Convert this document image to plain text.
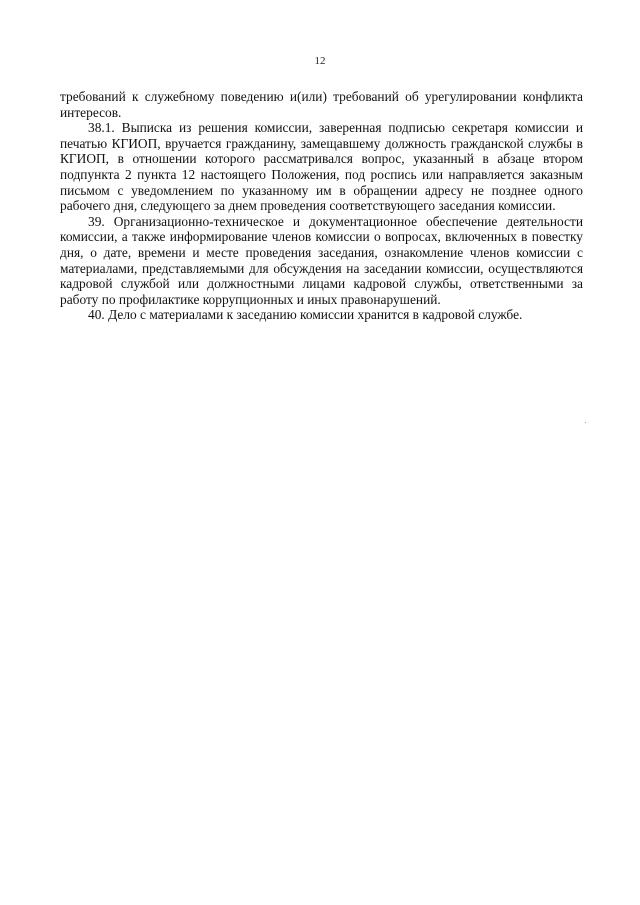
12

требований к служебному поведению и(или) требований об урегулировании конфликта интересов.

38.1. Выписка из решения комиссии, заверенная подписью секретаря комиссии и печатью КГИОП, вручается гражданину, замещавшему должность гражданской службы в КГИОП, в отношении которого рассматривался вопрос, указанный в абзаце втором подпункта 2 пункта 12 настоящего Положения, под роспись или направляется заказным письмом с уведомлением по указанному им в обращении адресу не позднее одного рабочего дня, следующего за днем проведения соответствующего заседания комиссии.

39. Организационно-техническое и документационное обеспечение деятельности комиссии, а также информирование членов комиссии о вопросах, включенных в повестку дня, о дате, времени и месте проведения заседания, ознакомление членов комиссии с материалами, представляемыми для обсуждения на заседании комиссии, осуществляются кадровой службой или должностными лицами кадровой службы, ответственными за работу по профилактике коррупционных и иных правонарушений.

40. Дело с материалами к заседанию комиссии хранится в кадровой службе.
